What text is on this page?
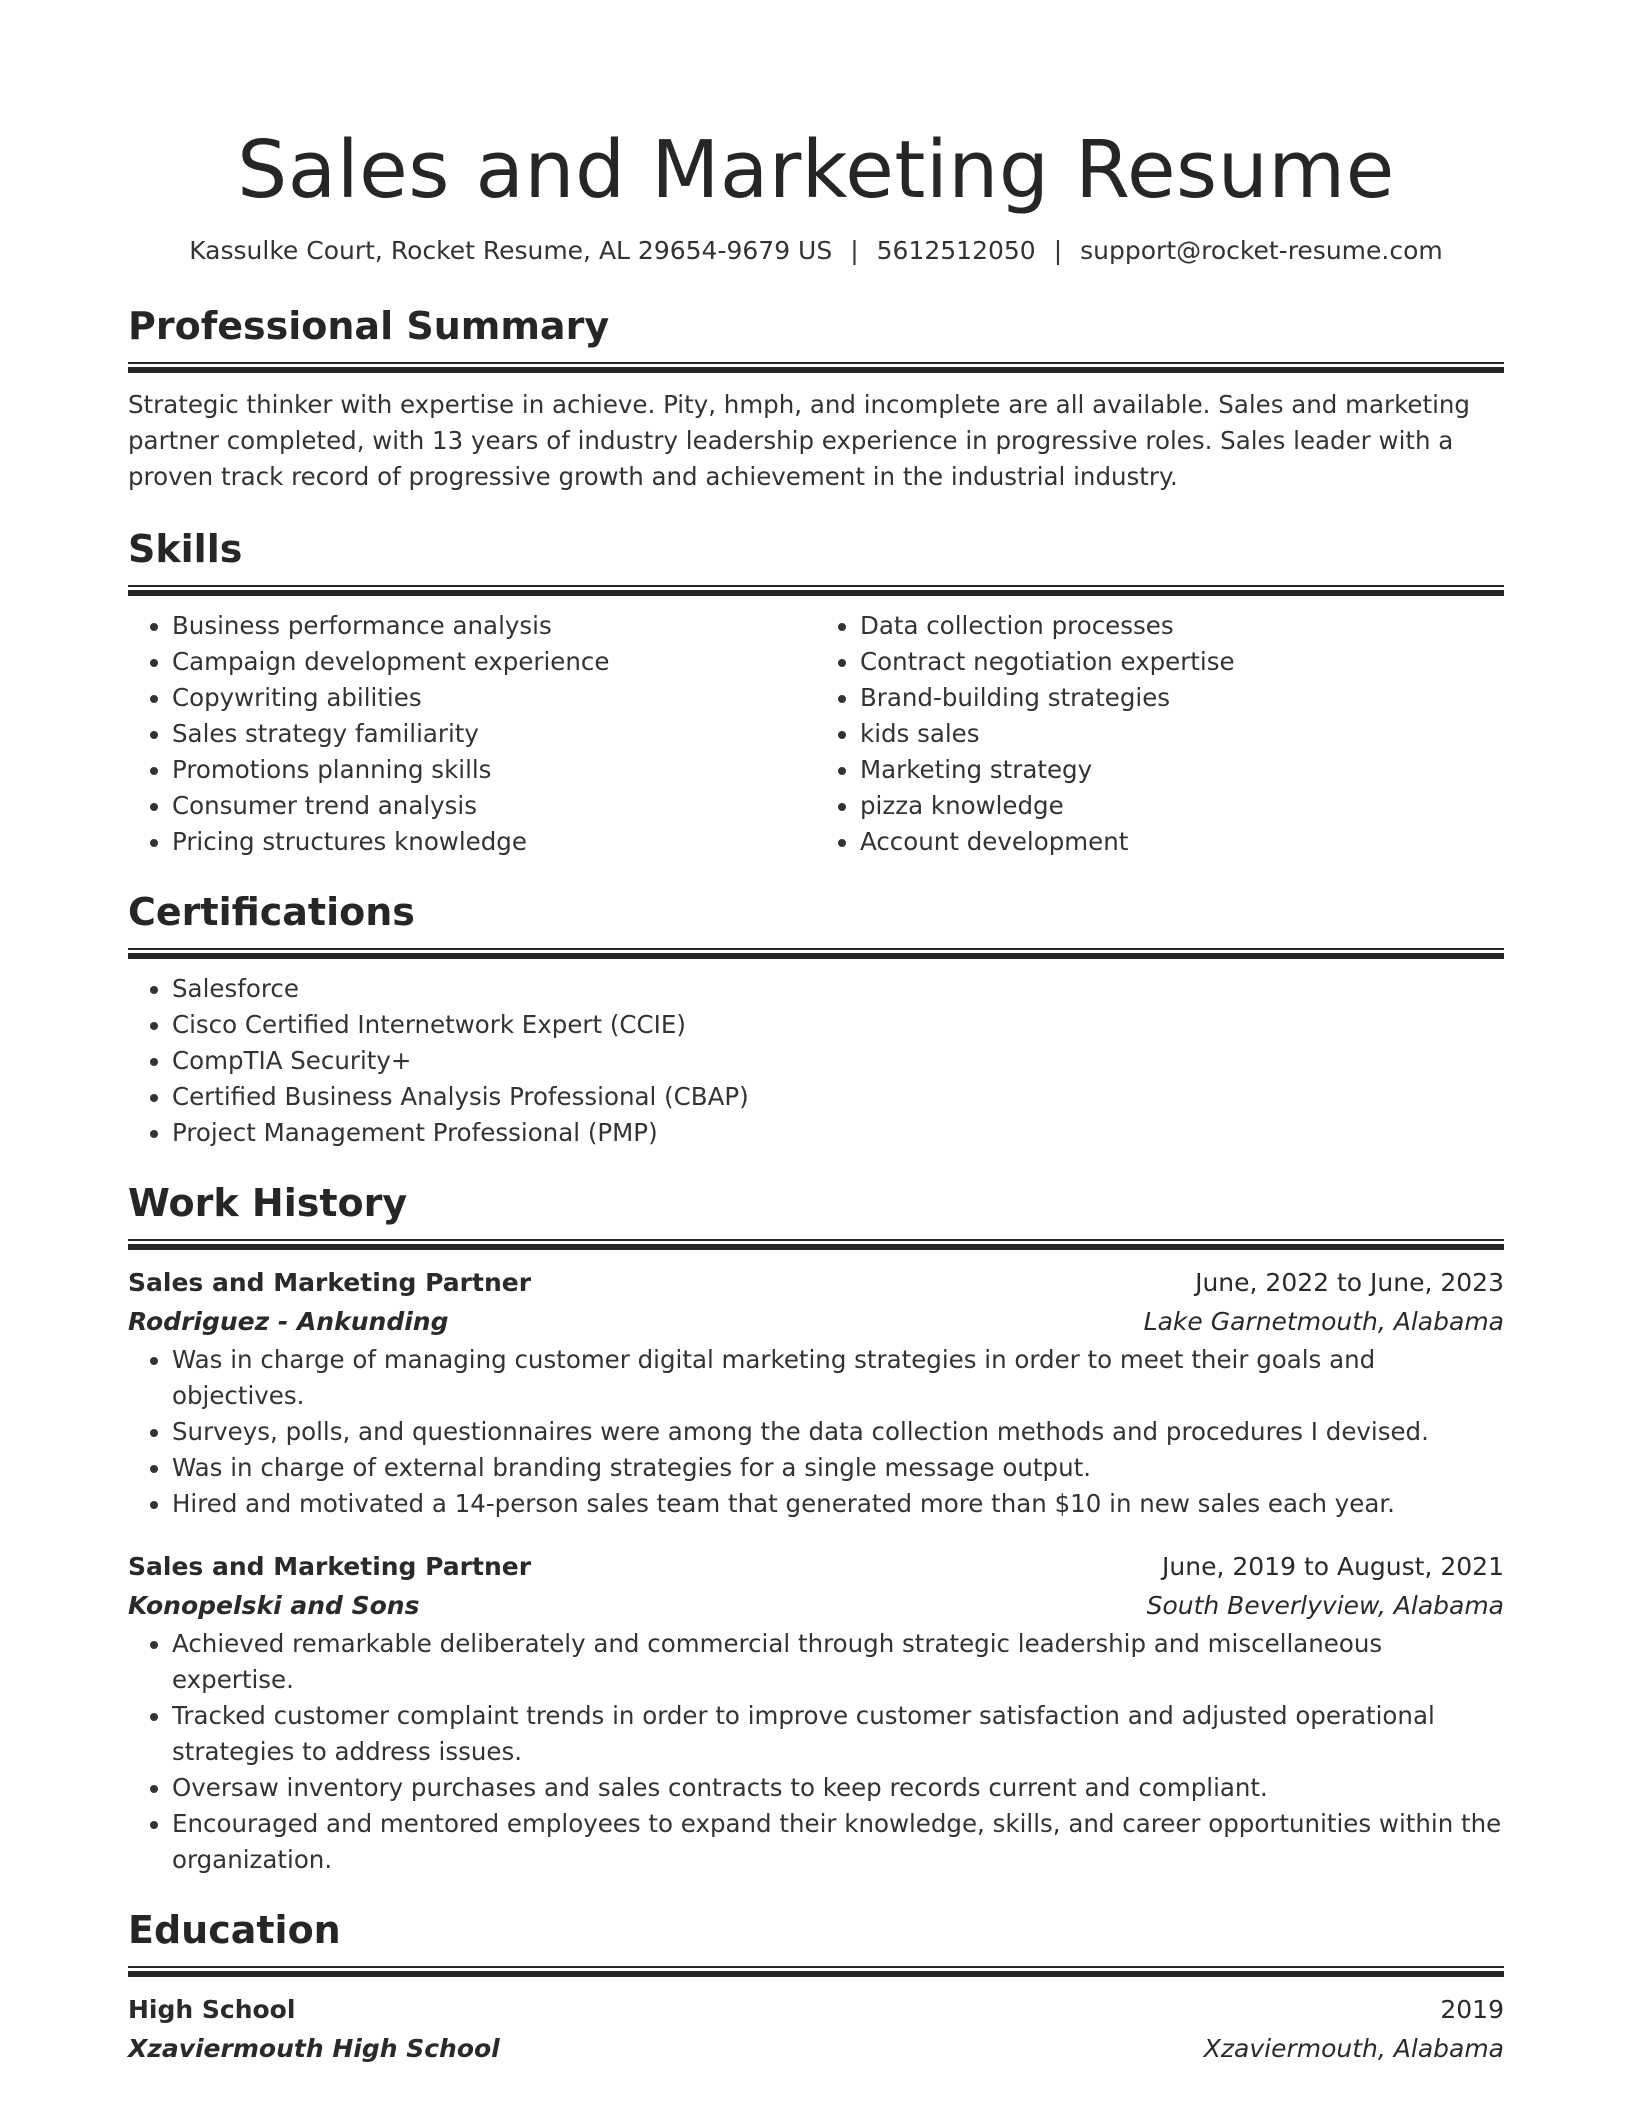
Sales and Marketing Resume
Kassulke Court, Rocket Resume, AL 29654-9679 US | 5612512050 | support@rocket-resume.com
Professional Summary
Strategic thinker with expertise in achieve. Pity, hmph, and incomplete are all available. Sales and marketing partner completed, with 13 years of industry leadership experience in progressive roles. Sales leader with a proven track record of progressive growth and achievement in the industrial industry.
Skills
• Business performance analysis
• Campaign development experience
• Copywriting abilities
• Sales strategy familiarity
• Promotions planning skills
• Consumer trend analysis
• Pricing structures knowledge
• Data collection processes
• Contract negotiation expertise
• Brand-building strategies
• kids sales
• Marketing strategy
• pizza knowledge
• Account development
Certifications
• Salesforce
• Cisco Certified Internetwork Expert (CCIE)
• CompTIA Security+
• Certified Business Analysis Professional (CBAP)
• Project Management Professional (PMP)
Work History
Sales and Marketing Partner	June, 2022 to June, 2023
Rodriguez - Ankunding	Lake Garnetmouth, Alabama
• Was in charge of managing customer digital marketing strategies in order to meet their goals and objectives.
• Surveys, polls, and questionnaires were among the data collection methods and procedures I devised.
• Was in charge of external branding strategies for a single message output.
• Hired and motivated a 14-person sales team that generated more than $10 in new sales each year.
Sales and Marketing Partner	June, 2019 to August, 2021
Konopelski and Sons	South Beverlyview, Alabama
• Achieved remarkable deliberately and commercial through strategic leadership and miscellaneous expertise.
• Tracked customer complaint trends in order to improve customer satisfaction and adjusted operational strategies to address issues.
• Oversaw inventory purchases and sales contracts to keep records current and compliant.
• Encouraged and mentored employees to expand their knowledge, skills, and career opportunities within the organization.
Education
High School	2019
Xzaviermouth High School	Xzaviermouth, Alabama
